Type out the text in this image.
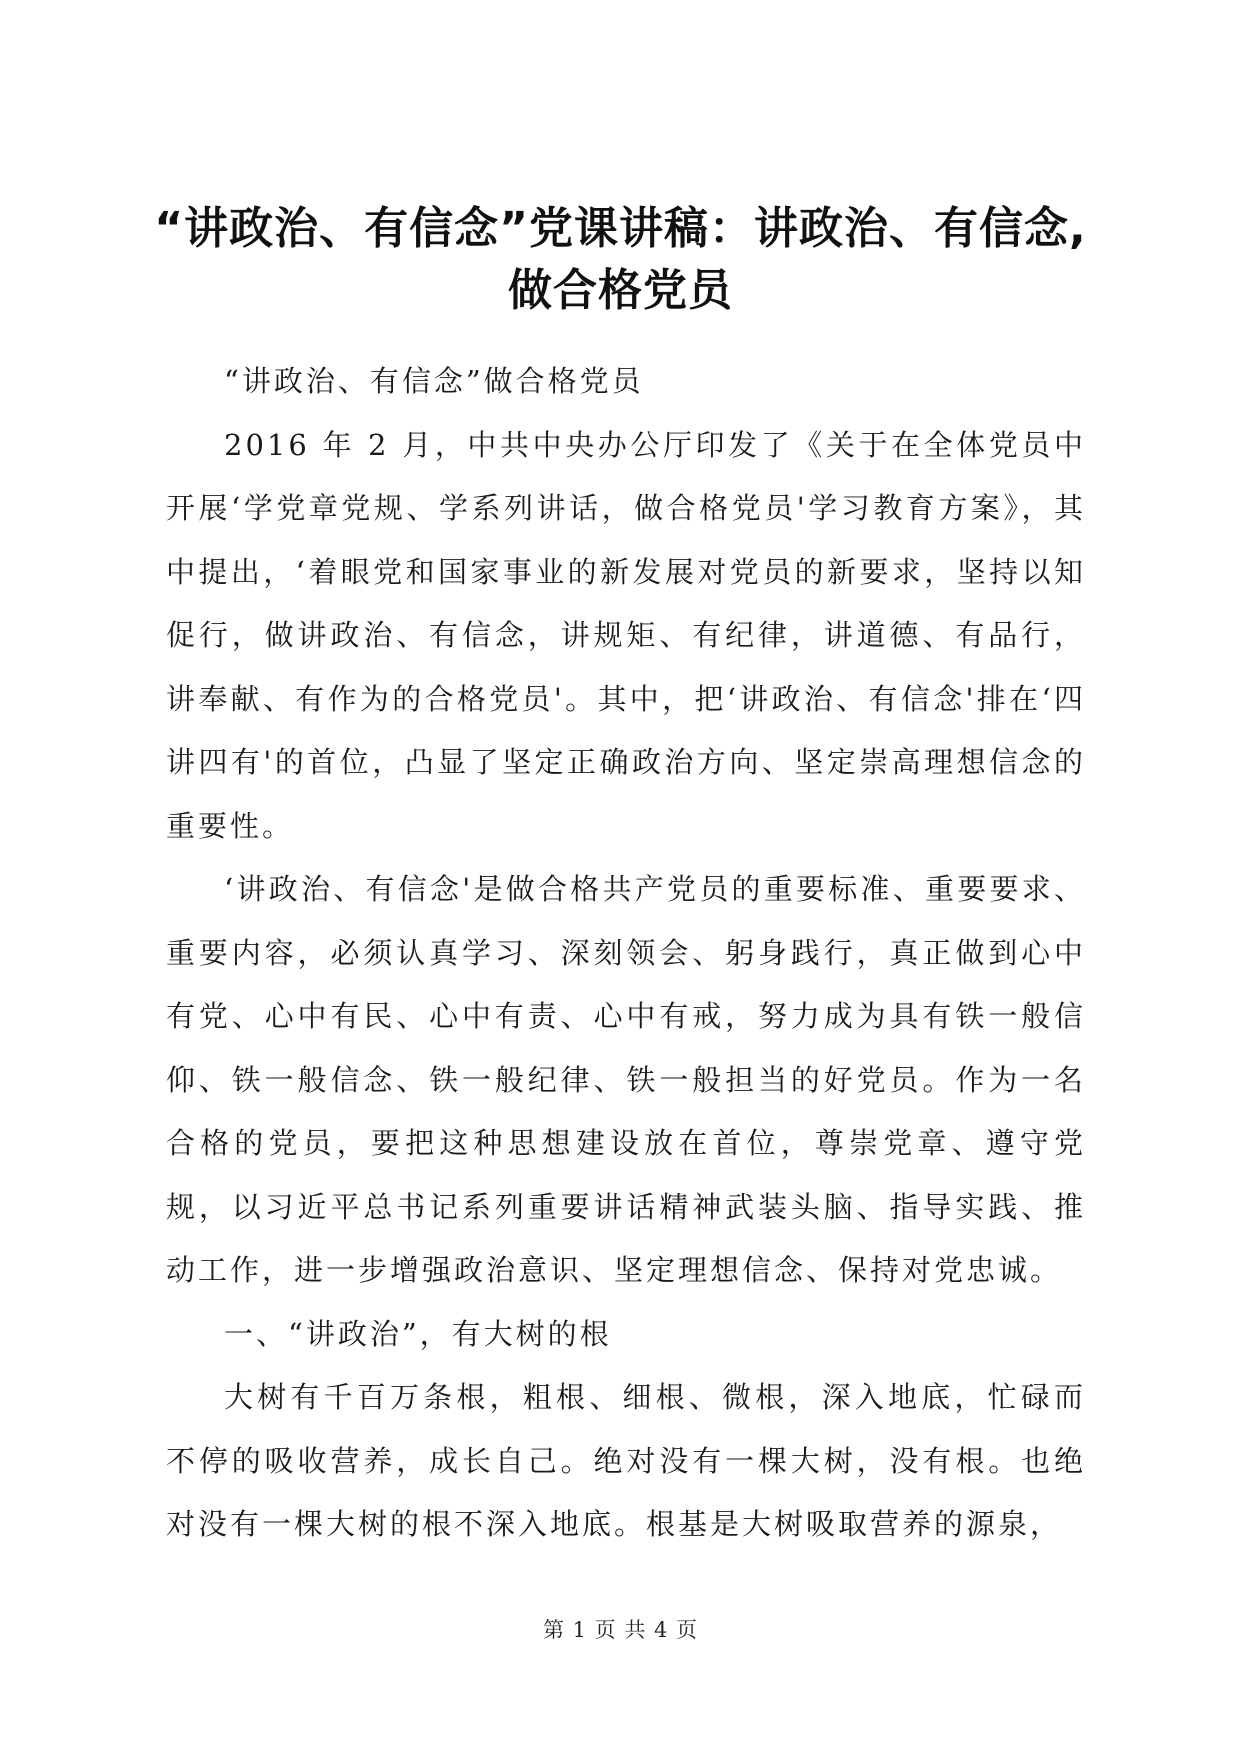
“讲政治、有信念”党课讲稿：讲政治、有信念, 做合格党员

“讲政治、有信念”做合格党员

2016 年 2 月，中共中央办公厅印发了《关于在全体党员中开展‘学党章党规、学系列讲话，做合格党员'学习教育方案》，其中提出，‘着眼党和国家事业的新发展对党员的新要求，坚持以知促行，做讲政治、有信念，讲规矩、有纪律，讲道德、有品行，讲奉献、有作为的合格党员'。其中，把‘讲政治、有信念'排在‘四讲四有'的首位，凸显了坚定正确政治方向、坚定崇高理想信念的重要性。

‘讲政治、有信念'是做合格共产党员的重要标准、重要要求、重要内容，必须认真学习、深刻领会、躬身践行，真正做到心中有党、心中有民、心中有责、心中有戒，努力成为具有铁一般信仰、铁一般信念、铁一般纪律、铁一般担当的好党员。作为一名合格的党员，要把这种思想建设放在首位，尊崇党章、遵守党规，以习近平总书记系列重要讲话精神武装头脑、指导实践、推动工作，进一步增强政治意识、坚定理想信念、保持对党忠诚。

一、“讲政治”，有大树的根

大树有千百万条根，粗根、细根、微根，深入地底，忙碌而不停的吸收营养，成长自己。绝对没有一棵大树，没有根。也绝对没有一棵大树的根不深入地底。根基是大树吸取营养的源泉，

第 1 页 共 4 页
